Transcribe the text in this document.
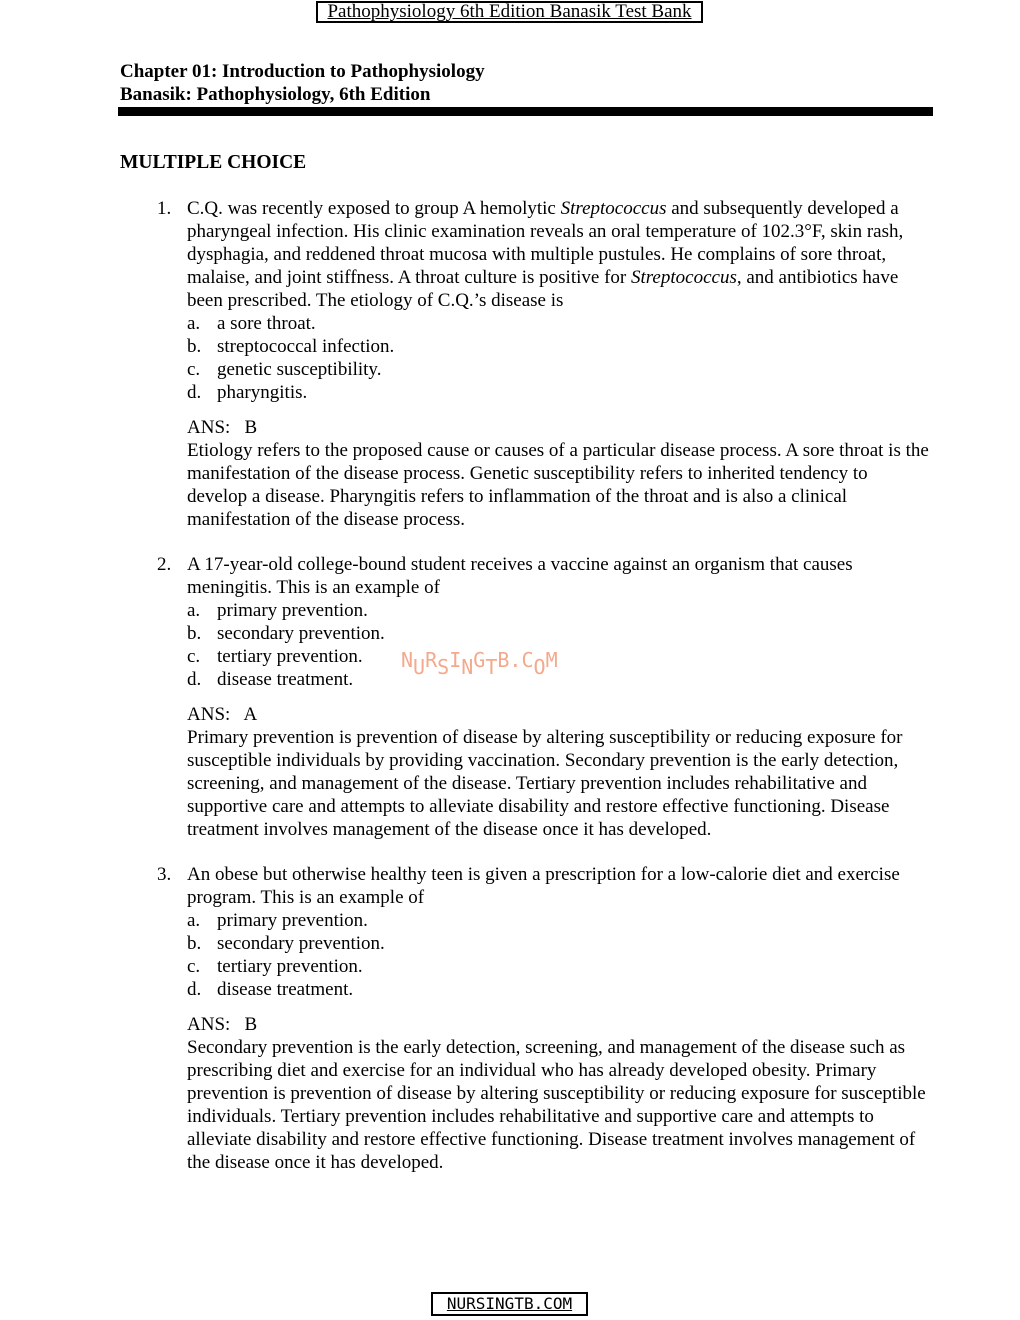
Pathophysiology 6th Edition Banasik Test Bank
Chapter 01: Introduction to Pathophysiology
Banasik: Pathophysiology, 6th Edition
MULTIPLE CHOICE
1. C.Q. was recently exposed to group A hemolytic Streptococcus and subsequently developed a pharyngeal infection. His clinic examination reveals an oral temperature of 102.3°F, skin rash, dysphagia, and reddened throat mucosa with multiple pustules. He complains of sore throat, malaise, and joint stiffness. A throat culture is positive for Streptococcus, and antibiotics have been prescribed. The etiology of C.Q.’s disease is
a. a sore throat.
b. streptococcal infection.
c. genetic susceptibility.
d. pharyngitis.
ANS:   B
Etiology refers to the proposed cause or causes of a particular disease process. A sore throat is the manifestation of the disease process. Genetic susceptibility refers to inherited tendency to develop a disease. Pharyngitis refers to inflammation of the throat and is also a clinical manifestation of the disease process.
2. A 17-year-old college-bound student receives a vaccine against an organism that causes meningitis. This is an example of
a. primary prevention.
b. secondary prevention.
c. tertiary prevention.
d. disease treatment.
ANS:   A
Primary prevention is prevention of disease by altering susceptibility or reducing exposure for susceptible individuals by providing vaccination. Secondary prevention is the early detection, screening, and management of the disease. Tertiary prevention includes rehabilitative and supportive care and attempts to alleviate disability and restore effective functioning. Disease treatment involves management of the disease once it has developed.
3. An obese but otherwise healthy teen is given a prescription for a low-calorie diet and exercise program. This is an example of
a. primary prevention.
b. secondary prevention.
c. tertiary prevention.
d. disease treatment.
ANS:   B
Secondary prevention is the early detection, screening, and management of the disease such as prescribing diet and exercise for an individual who has already developed obesity. Primary prevention is prevention of disease by altering susceptibility or reducing exposure for susceptible individuals. Tertiary prevention includes rehabilitative and supportive care and attempts to alleviate disability and restore effective functioning. Disease treatment involves management of the disease once it has developed.
NURSINGTB.COM
NURSINGTB.COM
